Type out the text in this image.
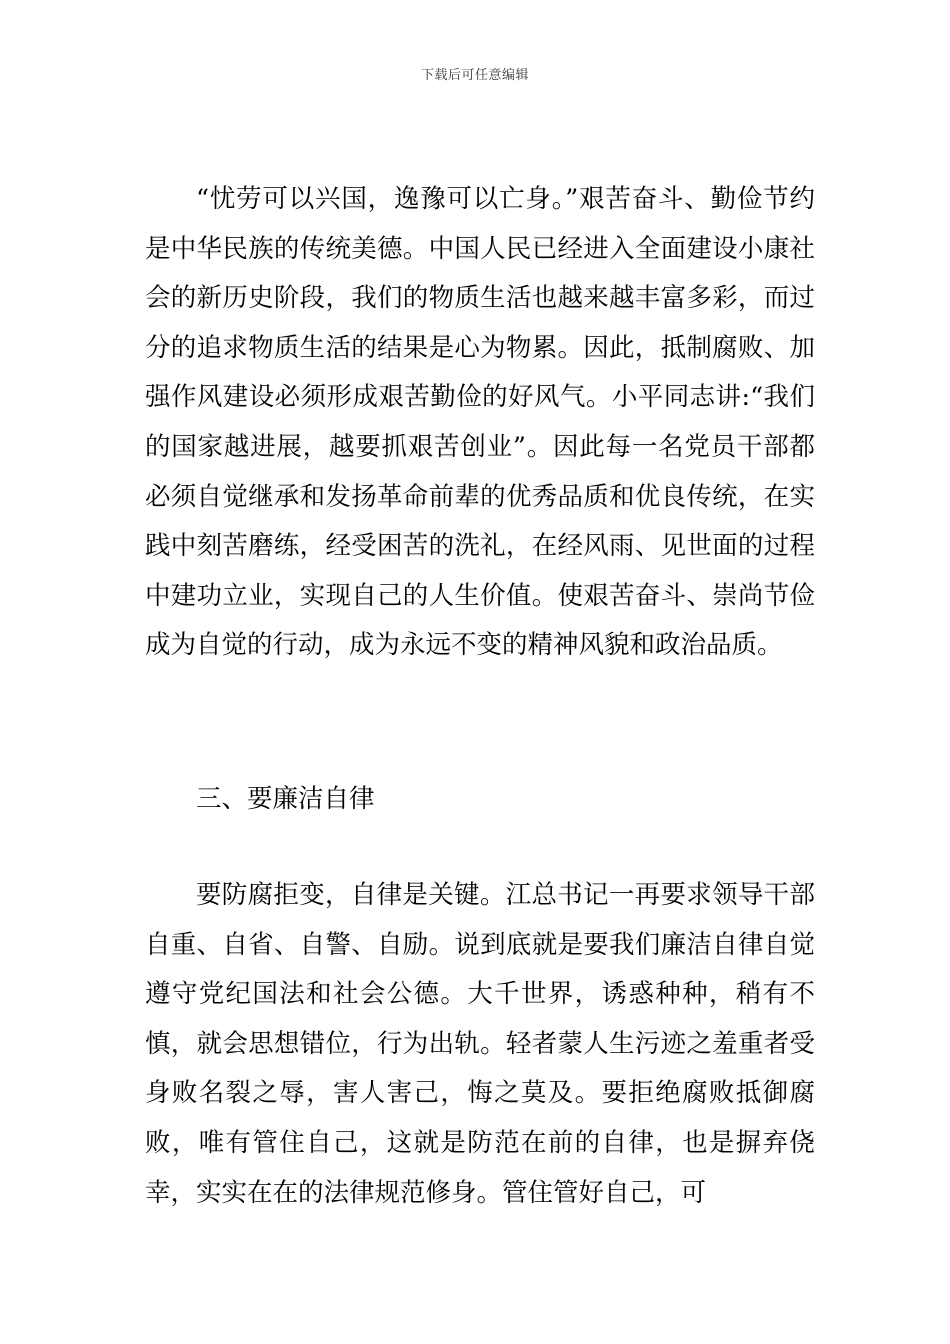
下载后可任意编辑

“忧劳可以兴国，逸豫可以亡身。”艰苦奋斗、勤俭节约是中华民族的传统美德。中国人民已经进入全面建设小康社会的新历史阶段，我们的物质生活也越来越丰富多彩，而过分的追求物质生活的结果是心为物累。因此，抵制腐败、加强作风建设必须形成艰苦勤俭的好风气。小平同志讲:“我们的国家越进展，越要抓艰苦创业”。因此每一名党员干部都必须自觉继承和发扬革命前辈的优秀品质和优良传统，在实践中刻苦磨练，经受困苦的洗礼，在经风雨、见世面的过程中建功立业，实现自己的人生价值。使艰苦奋斗、崇尚节俭成为自觉的行动，成为永远不变的精神风貌和政治品质。

三、要廉洁自律

要防腐拒变，自律是关键。江总书记一再要求领导干部自重、自省、自警、自励。说到底就是要我们廉洁自律自觉遵守党纪国法和社会公德。大千世界，诱惑种种，稍有不慎，就会思想错位，行为出轨。轻者蒙人生污迹之羞重者受身败名裂之辱，害人害己，悔之莫及。要拒绝腐败抵御腐败，唯有管住自己，这就是防范在前的自律，也是摒弃侥幸，实实在在的法律规范修身。管住管好自己，可
